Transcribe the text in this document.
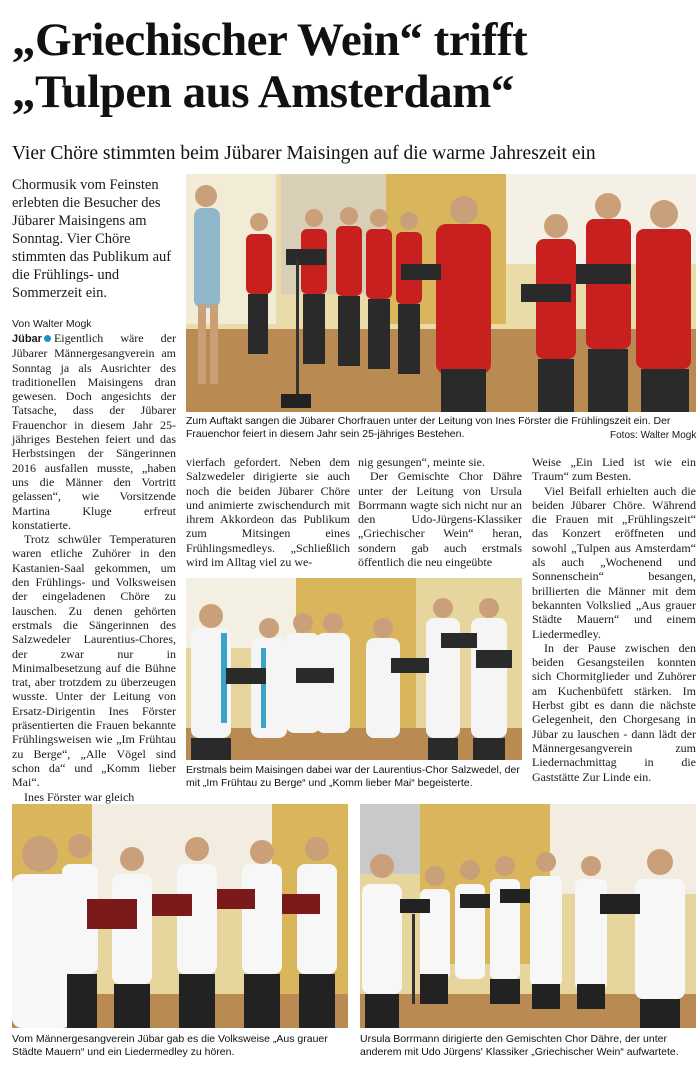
„Griechischer Wein“ trifft
„Tulpen aus Amsterdam“
Vier Chöre stimmten beim Jübarer Maisingen auf die warme Jahreszeit ein
Chormusik vom Feinsten erlebten die Besucher des Jübarer Maisingens am Sonntag. Vier Chöre stimmten das Publikum auf die Frühlings- und Sommerzeit ein.
Von Walter Mogk
Zum Auftakt sangen die Jübarer Chorfrauen unter der Leitung von Ines Förster die Frühlingszeit ein. Der Frauenchor feiert in diesem Jahr sein 25-jähriges Bestehen.	Fotos: Walter Mogk

Jübar Eigentlich wäre der Jübarer Männergesangverein am Sonntag ja als Ausrichter des traditionellen Maisingens dran gewesen. Doch angesichts der Tatsache, dass der Jübarer Frauenchor in diesem Jahr 25-jähriges Bestehen feiert und das Herbstsingen der Sängerinnen 2016 ausfallen musste, „haben uns die Männer den Vortritt gelassen“, wie Vorsitzende Martina Kluge erfreut konstatierte.

Trotz schwüler Temperaturen waren etliche Zuhörer in den Kastanien-Saal gekommen, um den Frühlings- und Volksweisen der eingeladenen Chöre zu lauschen. Zu denen gehörten erstmals die Sängerinnen des Salzwedeler Laurentius-Chores, der zwar nur in Minimalbesetzung auf die Bühne trat, aber trotzdem zu überzeugen wusste. Unter der Leitung von Ersatz-Dirigentin Ines Förster präsentierten die Frauen bekannte Frühlingsweisen wie „Im Frühtau zu Berge“, „Alle Vögel sind schon da“ und „Komm lieber Mai“.

Ines Förster war gleich

vierfach gefordert. Neben dem Salzwedeler dirigierte sie auch noch die beiden Jübarer Chöre und animierte zwischendurch mit ihrem Akkordeon das Publikum zum Mitsingen eines Frühlingsmedleys. „Schließlich wird im Alltag viel zu we-

nig gesungen“, meinte sie.

Der Gemischte Chor Dähre unter der Leitung von Ursula Borrmann wagte sich nicht nur an den Udo-Jürgens-Klassiker „Griechischer Wein“ heran, sondern gab auch erstmals öffentlich die neu eingeübte

Weise „Ein Lied ist wie ein Traum“ zum Besten.

Viel Beifall erhielten auch die beiden Jübarer Chöre. Während die Frauen mit „Frühlingszeit“ das Konzert eröffneten und sowohl „Tulpen aus Amsterdam“ als auch „Wochenend und Sonnenschein“ besangen, brillierten die Männer mit dem bekannten Volkslied „Aus grauer Städte Mauern“ und einem Liedermedley.

In der Pause zwischen den beiden Gesangsteilen konnten sich Chormitglieder und Zuhörer am Kuchenbüfett stärken. Im Herbst gibt es dann die nächste Gelegenheit, den Chorgesang in Jübar zu lauschen - dann lädt der Männergesangverein zum Liedernachmittag in die Gaststätte Zur Linde ein.

Erstmals beim Maisingen dabei war der Laurentius-Chor Salzwedel, der mit „Im Frühtau zu Berge“ und „Komm lieber Mai“ begeisterte.
Vom Männergesangverein Jübar gab es die Volksweise „Aus grauer Städte Mauern“ und ein Liedermedley zu hören.
Ursula Borrmann dirigierte den Gemischten Chor Dähre, der unter anderem mit Udo Jürgens' Klassiker „Griechischer Wein“ aufwartete.
